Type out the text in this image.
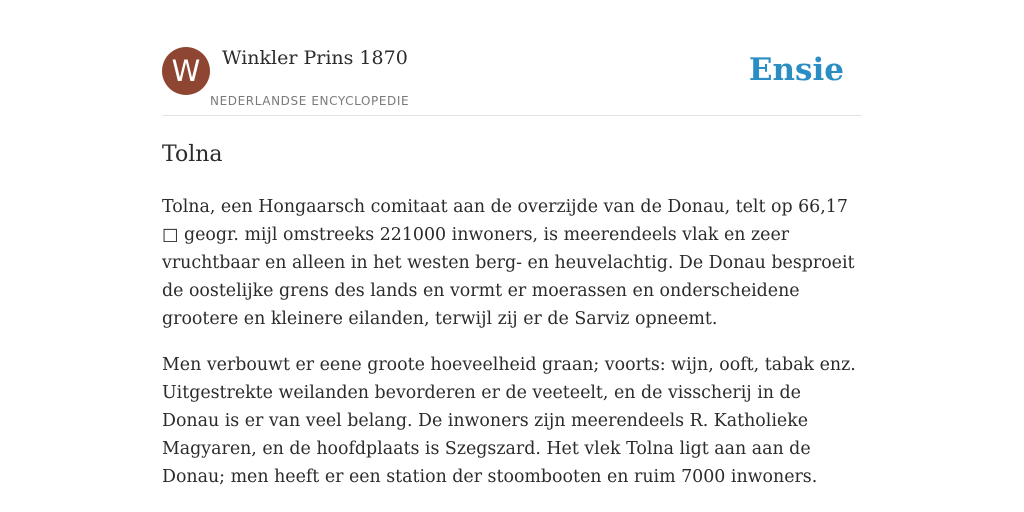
W	Winkler Prins 1870
NEDERLANDSE ENCYCLOPEDIE
Ensie
Tolna

Tolna, een Hongaarsch comitaat aan de overzijde van de Donau, telt op 66,17 □ geogr. mijl omstreeks 221000 inwoners, is meerendeels vlak en zeer vruchtbaar en alleen in het westen berg- en heuvelachtig. De Donau besproeit de oostelijke grens des lands en vormt er moerassen en onderscheidene grootere en kleinere eilanden, terwijl zij er de Sarviz opneemt.

Men verbouwt er eene groote hoeveelheid graan; voorts: wijn, ooft, tabak enz. Uitgestrekte weilanden bevorderen er de veeteelt, en de visscherij in de Donau is er van veel belang. De inwoners zijn meerendeels R. Katholieke Magyaren, en de hoofdplaats is Szegszard. Het vlek Tolna ligt aan aan de Donau; men heeft er een station der stoombooten en ruim 7000 inwoners.
